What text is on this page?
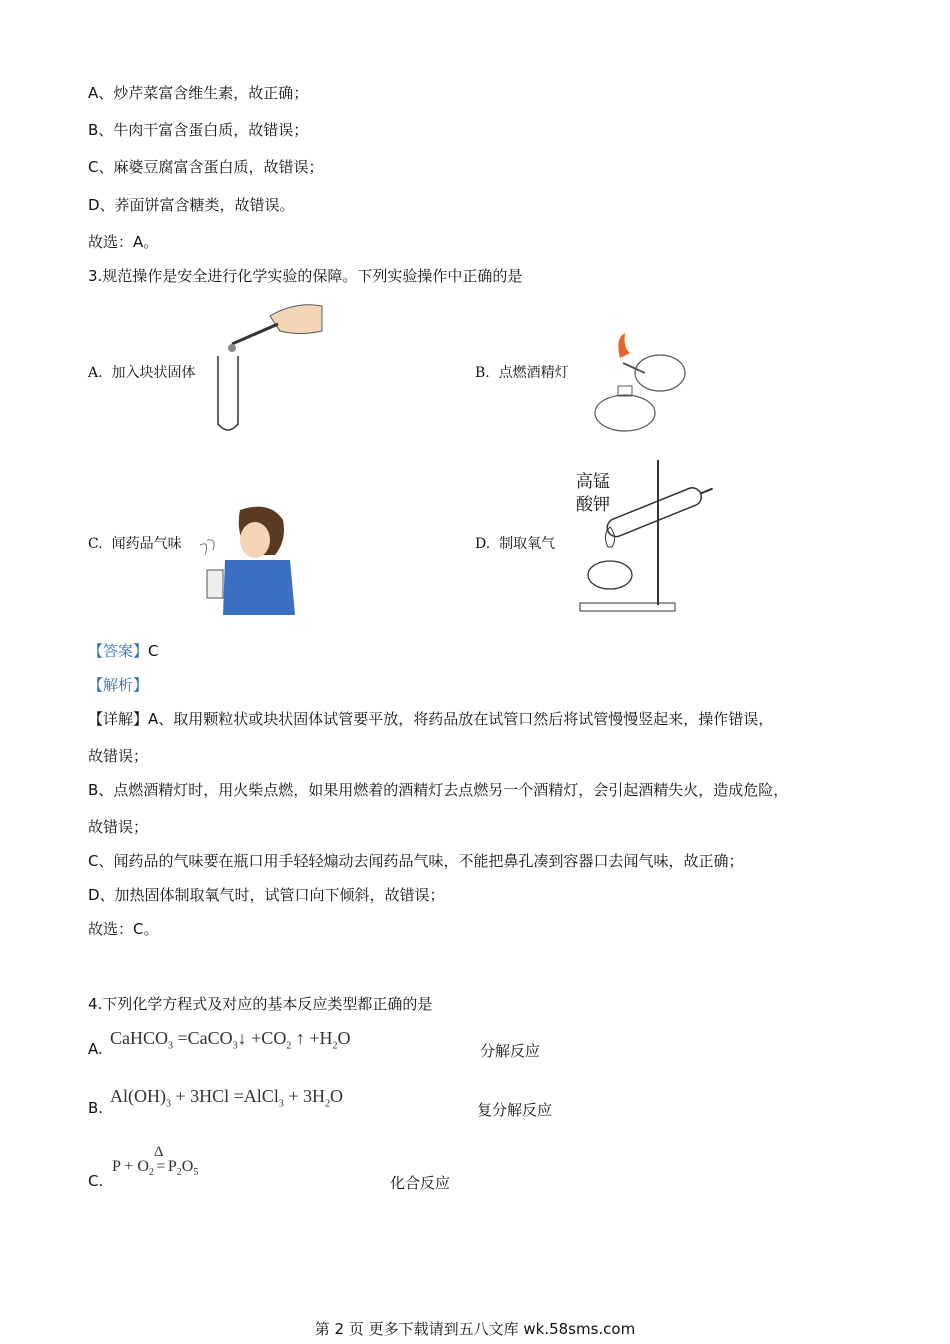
A、炒芹菜富含维生素，故正确；
B、牛肉干富含蛋白质，故错误；
C、麻婆豆腐富含蛋白质，故错误；
D、荞面饼富含糖类，故错误。
故选：A。
3.规范操作是安全进行化学实验的保障。下列实验操作中正确的是
A. 加入块状固体	B. 点燃酒精灯
C. 闻药品气味	D. 制取氧气
高锰
酸钾
【答案】C
【解析】
【详解】A、取用颗粒状或块状固体试管要平放，将药品放在试管口然后将试管慢慢竖起来，操作错误，
故错误；
B、点燃酒精灯时，用火柴点燃，如果用燃着的酒精灯去点燃另一个酒精灯，会引起酒精失火，造成危险，
故错误；
C、闻药品的气味要在瓶口用手轻轻煽动去闻药品气味，不能把鼻孔凑到容器口去闻气味，故正确；
D、加热固体制取氧气时，试管口向下倾斜，故错误；
故选：C。
4.下列化学方程式及对应的基本反应类型都正确的是
A.
CaHCO$_3$ =CaCO$_3$↓ $+CO_2$ ↑ $+H_2O$
分解反应
B.
$Al(OH)_3 + 3HCl$ =AlCl$_3$ + $3H_2O$
复分解反应
C.
$P + O_2$
Δ
= $P_2O_5$
化合反应
第 2 页 更多下载请到五八文库 wk.58sms.com
